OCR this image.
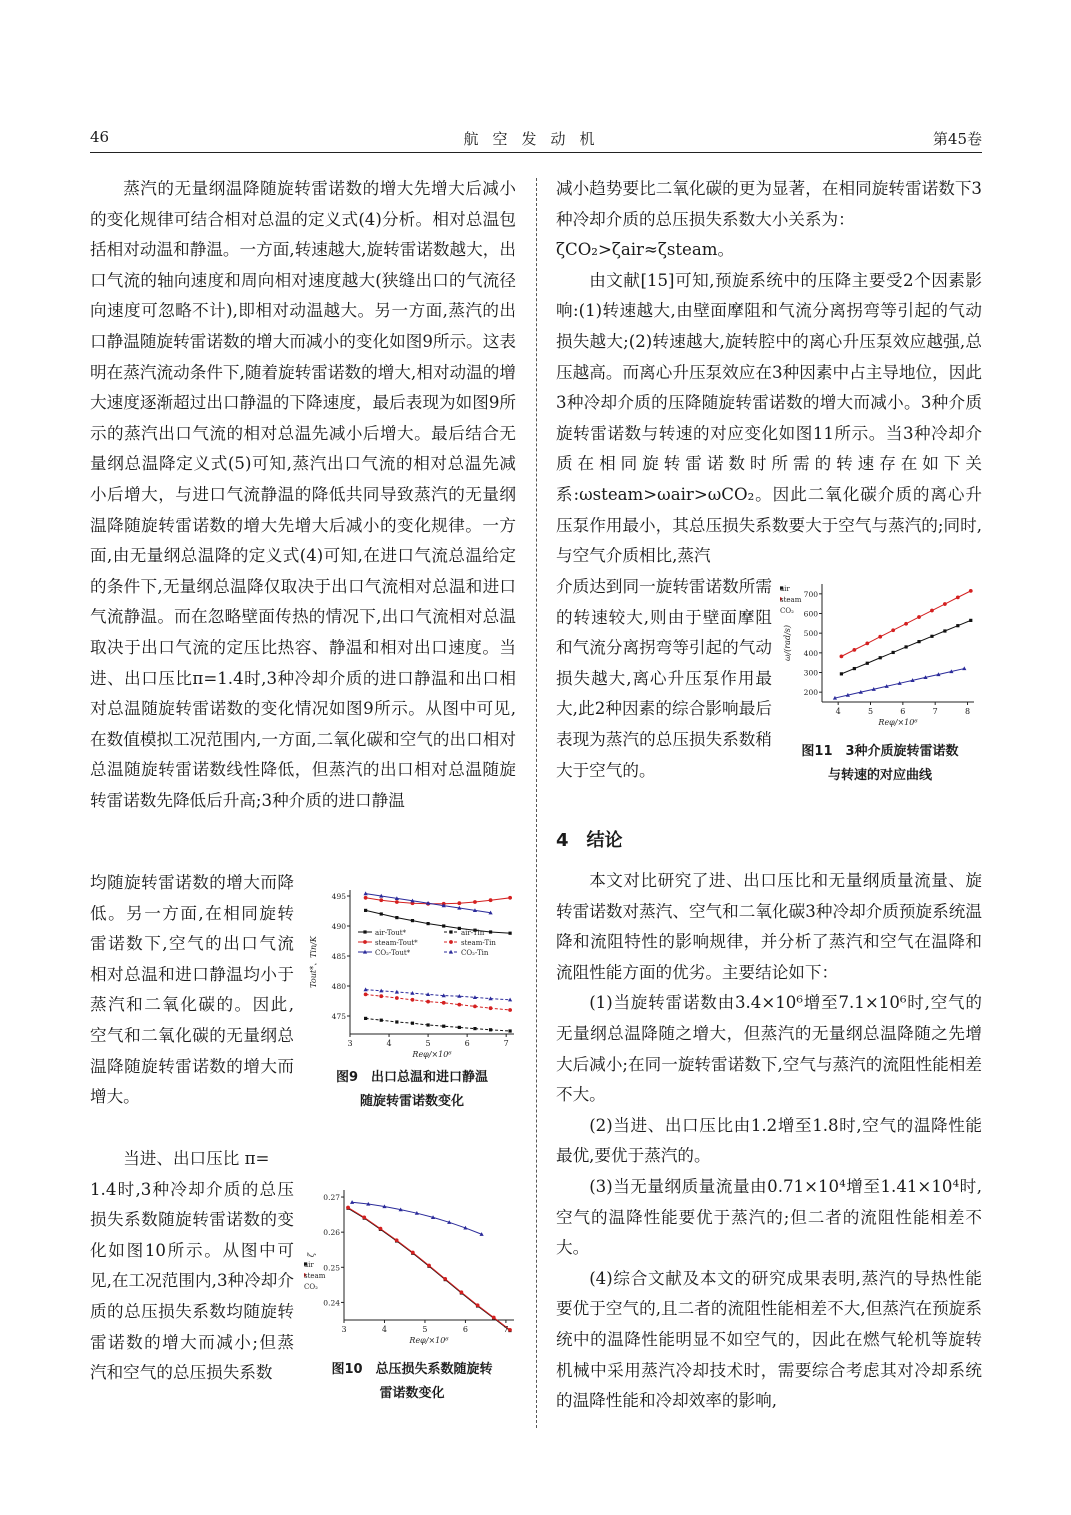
46	航空发动机	第45卷

蒸汽的无量纲温降随旋转雷诺数的增大先增大后减小的变化规律可结合相对总温的定义式(4)分析。相对总温包括相对动温和静温。一方面,转速越大,旋转雷诺数越大，出口气流的轴向速度和周向相对速度越大(狭缝出口的气流径向速度可忽略不计),即相对动温越大。另一方面,蒸汽的出口静温随旋转雷诺数的增大而减小的变化如图9所示。这表明在蒸汽流动条件下,随着旋转雷诺数的增大,相对动温的增大速度逐渐超过出口静温的下降速度，最后表现为如图9所示的蒸汽出口气流的相对总温先减小后增大。最后结合无量纲总温降定义式(5)可知,蒸汽出口气流的相对总温先减小后增大，与进口气流静温的降低共同导致蒸汽的无量纲温降随旋转雷诺数的增大先增大后减小的变化规律。一方面,由无量纲总温降的定义式(4)可知,在进口气流总温给定的条件下,无量纲总温降仅取决于出口气流相对总温和进口气流静温。而在忽略壁面传热的情况下,出口气流相对总温取决于出口气流的定压比热容、静温和相对出口速度。当进、出口压比π=1.4时,3种冷却介质的进口静温和出口相对总温随旋转雷诺数的变化情况如图9所示。从图中可见,在数值模拟工况范围内,一方面,二氧化碳和空气的出口相对总温随旋转雷诺数线性降低，但蒸汽的出口相对总温随旋转雷诺数先降低后升高;3种介质的进口静温

均随旋转雷诺数的增大而降低。另一方面,在相同旋转雷诺数下,空气的出口气流相对总温和进口静温均小于蒸汽和二氧化碳的。因此,空气和二氧化碳的无量纲总温降随旋转雷诺数的增大而增大。

当进、出口压比 π=

1.4时,3种冷却介质的总压损失系数随旋转雷诺数的变化如图10所示。从图中可见,在工况范围内,3种冷却介质的总压损失系数均随旋转雷诺数的增大而减小;但蒸汽和空气的总压损失系数

3	4	5	6	7
475
480
485
490
495
Reφ/×10⁶
Tout*、Tin/K
air-Tout*
steam-Tout*
CO₂-Tout*
air-Tin
steam-Tin
CO₂-Tin
图9　出口总温和进口静温
随旋转雷诺数变化
3	4	5	6	7
0.24
0.25
0.26
0.27
Reφ/×10⁶
ζ
air
steam
CO₂
图10　总压损失系数随旋转
雷诺数变化

减小趋势要比二氧化碳的更为显著，在相同旋转雷诺数下3种冷却介质的总压损失系数大小关系为：

ζCO₂>ζair≈ζsteam。

由文献[15]可知,预旋系统中的压降主要受2个因素影响:(1)转速越大,由壁面摩阻和气流分离拐弯等引起的气动损失越大;(2)转速越大,旋转腔中的离心升压泵效应越强,总压越高。而离心升压泵效应在3种因素中占主导地位，因此3种冷却介质的压降随旋转雷诺数的增大而减小。3种介质旋转雷诺数与转速的对应变化如图11所示。当3种冷却介质在相同旋转雷诺数时所需的转速存在如下关系:ωsteam>ωair>ωCO₂。因此二氧化碳介质的离心升压泵作用最小，其总压损失系数要大于空气与蒸汽的;同时,与空气介质相比,蒸汽

介质达到同一旋转雷诺数所需的转速较大,则由于壁面摩阻和气流分离拐弯等引起的气动损失越大,离心升压泵作用最大,此2种因素的综合影响最后表现为蒸汽的总压损失系数稍大于空气的。

4	5	6	7	8
200
300
400
500
600
700
Reφ/×10⁶
ω/(rad/s)
air
steam
CO₂
图11　3种介质旋转雷诺数
与转速的对应曲线
4　结论

本文对比研究了进、出口压比和无量纲质量流量、旋转雷诺数对蒸汽、空气和二氧化碳3种冷却介质预旋系统温降和流阻特性的影响规律，并分析了蒸汽和空气在温降和流阻性能方面的优劣。主要结论如下：

(1)当旋转雷诺数由3.4×10⁶增至7.1×10⁶时,空气的无量纲总温降随之增大，但蒸汽的无量纲总温降随之先增大后减小;在同一旋转雷诺数下,空气与蒸汽的流阻性能相差不大。

(2)当进、出口压比由1.2增至1.8时,空气的温降性能最优,要优于蒸汽的。

(3)当无量纲质量流量由0.71×10⁴增至1.41×10⁴时,空气的温降性能要优于蒸汽的;但二者的流阻性能相差不大。

(4)综合文献及本文的研究成果表明,蒸汽的导热性能要优于空气的,且二者的流阻性能相差不大,但蒸汽在预旋系统中的温降性能明显不如空气的，因此在燃气轮机等旋转机械中采用蒸汽冷却技术时，需要综合考虑其对冷却系统的温降性能和冷却效率的影响,
